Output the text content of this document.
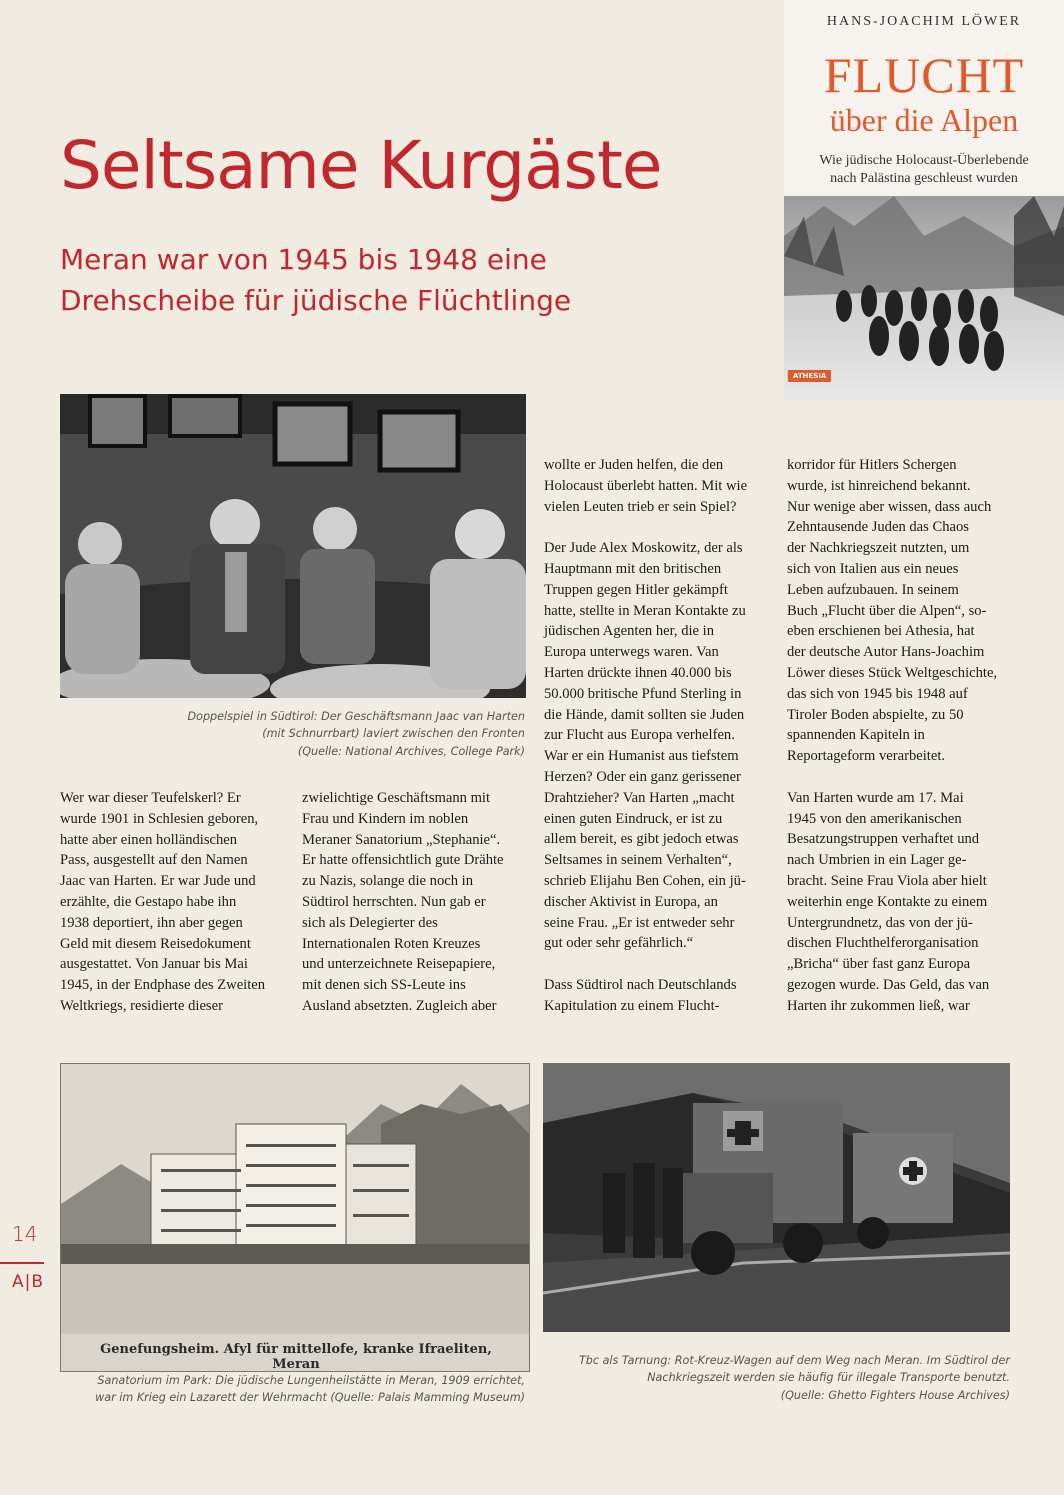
HANS-JOACHIM LÖWER
FLUCHT
über die Alpen
Wie jüdische Holocaust-Überlebende
nach Palästina geschleust wurden
ATHESIA
Seltsame Kurgäste
Meran war von 1945 bis 1948 eine
Drehscheibe für jüdische Flüchtlinge
Doppelspiel in Südtirol: Der Geschäftsmann Jaac van Harten
(mit Schnurrbart) laviert zwischen den Fronten
(Quelle: National Archives, College Park)

Wer war dieser Teufelskerl? Er
wurde 1901 in Schlesien geboren,
hatte aber einen holländischen
Pass, ausgestellt auf den Namen
Jaac van Harten. Er war Jude und
erzählte, die Gestapo habe ihn
1938 deportiert, ihn aber gegen
Geld mit diesem Reisedokument
ausgestattet. Von Januar bis Mai
1945, in der Endphase des Zweiten
Weltkriegs, residierte dieser

zwielichtige Geschäftsmann mit
Frau und Kindern im noblen
Meraner Sanatorium „Stephanie“.
Er hatte offensichtlich gute Drähte
zu Nazis, solange die noch in
Südtirol herrschten. Nun gab er
sich als Delegierter des
Internationalen Roten Kreuzes
und unterzeichnete Reisepapiere,
mit denen sich SS-Leute ins
Ausland absetzten. Zugleich aber

wollte er Juden helfen, die den
Holocaust überlebt hatten. Mit wie
vielen Leuten trieb er sein Spiel?

Der Jude Alex Moskowitz, der als
Hauptmann mit den britischen
Truppen gegen Hitler gekämpft
hatte, stellte in Meran Kontakte zu
jüdischen Agenten her, die in
Europa unterwegs waren. Van
Harten drückte ihnen 40.000 bis
50.000 britische Pfund Sterling in
die Hände, damit sollten sie Juden
zur Flucht aus Europa verhelfen.
War er ein Humanist aus tiefstem
Herzen? Oder ein ganz gerissener
Drahtzieher? Van Harten „macht
einen guten Eindruck, er ist zu
allem bereit, es gibt jedoch etwas
Seltsames in seinem Verhalten“,
schrieb Elijahu Ben Cohen, ein jü-
discher Aktivist in Europa, an
seine Frau. „Er ist entweder sehr
gut oder sehr gefährlich.“

Dass Südtirol nach Deutschlands
Kapitulation zu einem Flucht-

korridor für Hitlers Schergen
wurde, ist hinreichend bekannt.
Nur wenige aber wissen, dass auch
Zehntausende Juden das Chaos
der Nachkriegszeit nutzten, um
sich von Italien aus ein neues
Leben aufzubauen. In seinem
Buch „Flucht über die Alpen“, so-
eben erschienen bei Athesia, hat
der deutsche Autor Hans-Joachim
Löwer dieses Stück Weltgeschichte,
das sich von 1945 bis 1948 auf
Tiroler Boden abspielte, zu 50
spannenden Kapiteln in
Reportageform verarbeitet.

Van Harten wurde am 17. Mai
1945 von den amerikanischen
Besatzungstruppen verhaftet und
nach Umbrien in ein Lager ge-
bracht. Seine Frau Viola aber hielt
weiterhin enge Kontakte zu einem
Untergrundnetz, das von der jü-
dischen Fluchthelferorganisation
„Bricha“ über fast ganz Europa
gezogen wurde. Das Geld, das van
Harten ihr zukommen ließ, war

Genefungsheim. Afyl für mittellofe, kranke Ifraeliten, Meran
Sanatorium im Park: Die jüdische Lungenheilstätte in Meran, 1909 errichtet,
war im Krieg ein Lazarett der Wehrmacht (Quelle: Palais Mamming Museum)
Tbc als Tarnung: Rot-Kreuz-Wagen auf dem Weg nach Meran. Im Südtirol der
Nachkriegszeit werden sie häufig für illegale Transporte benutzt.
(Quelle: Ghetto Fighters House Archives)
14
A|B
